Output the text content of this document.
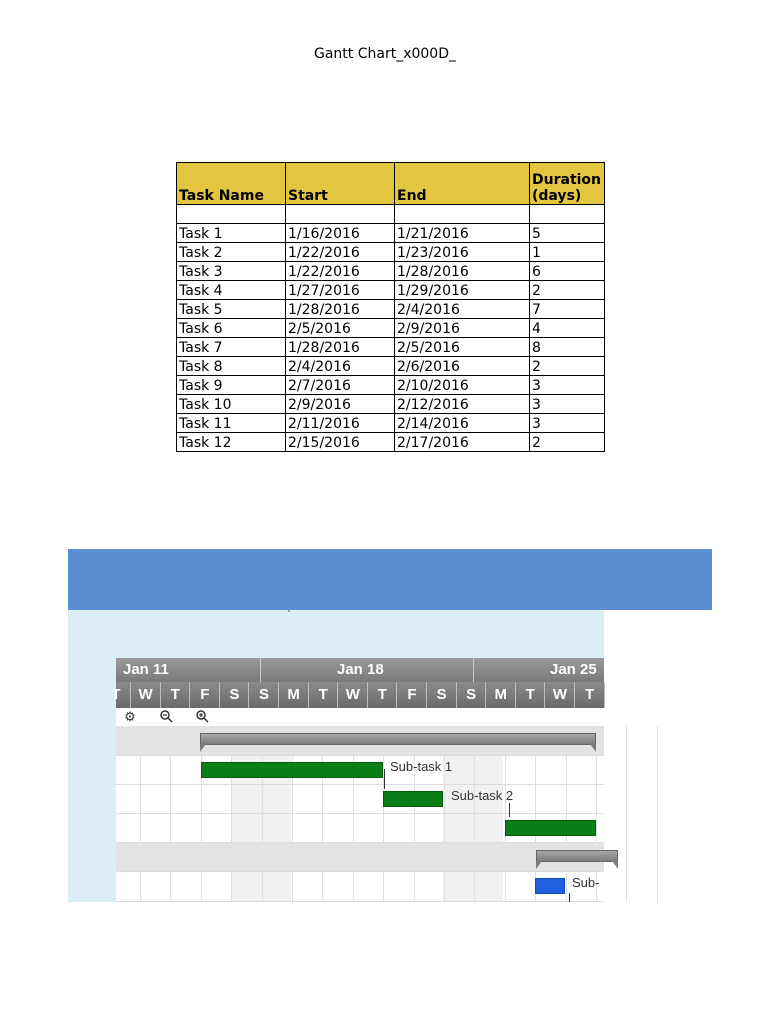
Gantt Chart_x000D_
Task Name	Start	End	Duration (days)

Task 1	1/16/2016	1/21/2016	5
Task 2	1/22/2016	1/23/2016	1
Task 3	1/22/2016	1/28/2016	6
Task 4	1/27/2016	1/29/2016	2
Task 5	1/28/2016	2/4/2016	7
Task 6	2/5/2016	2/9/2016	4
Task 7	1/28/2016	2/5/2016	8
Task 8	2/4/2016	2/6/2016	2
Task 9	2/7/2016	2/10/2016	3
Task 10	2/9/2016	2/12/2016	3
Task 11	2/11/2016	2/14/2016	3
Task 12	2/15/2016	2/17/2016	2
`
Jan 11	Jan 18	Jan 25
T	W	T	F	S	S	M	T	W	T	F	S	S	M	T	W	T
⚙
Sub-task 1
Sub-task 2
Sub-
